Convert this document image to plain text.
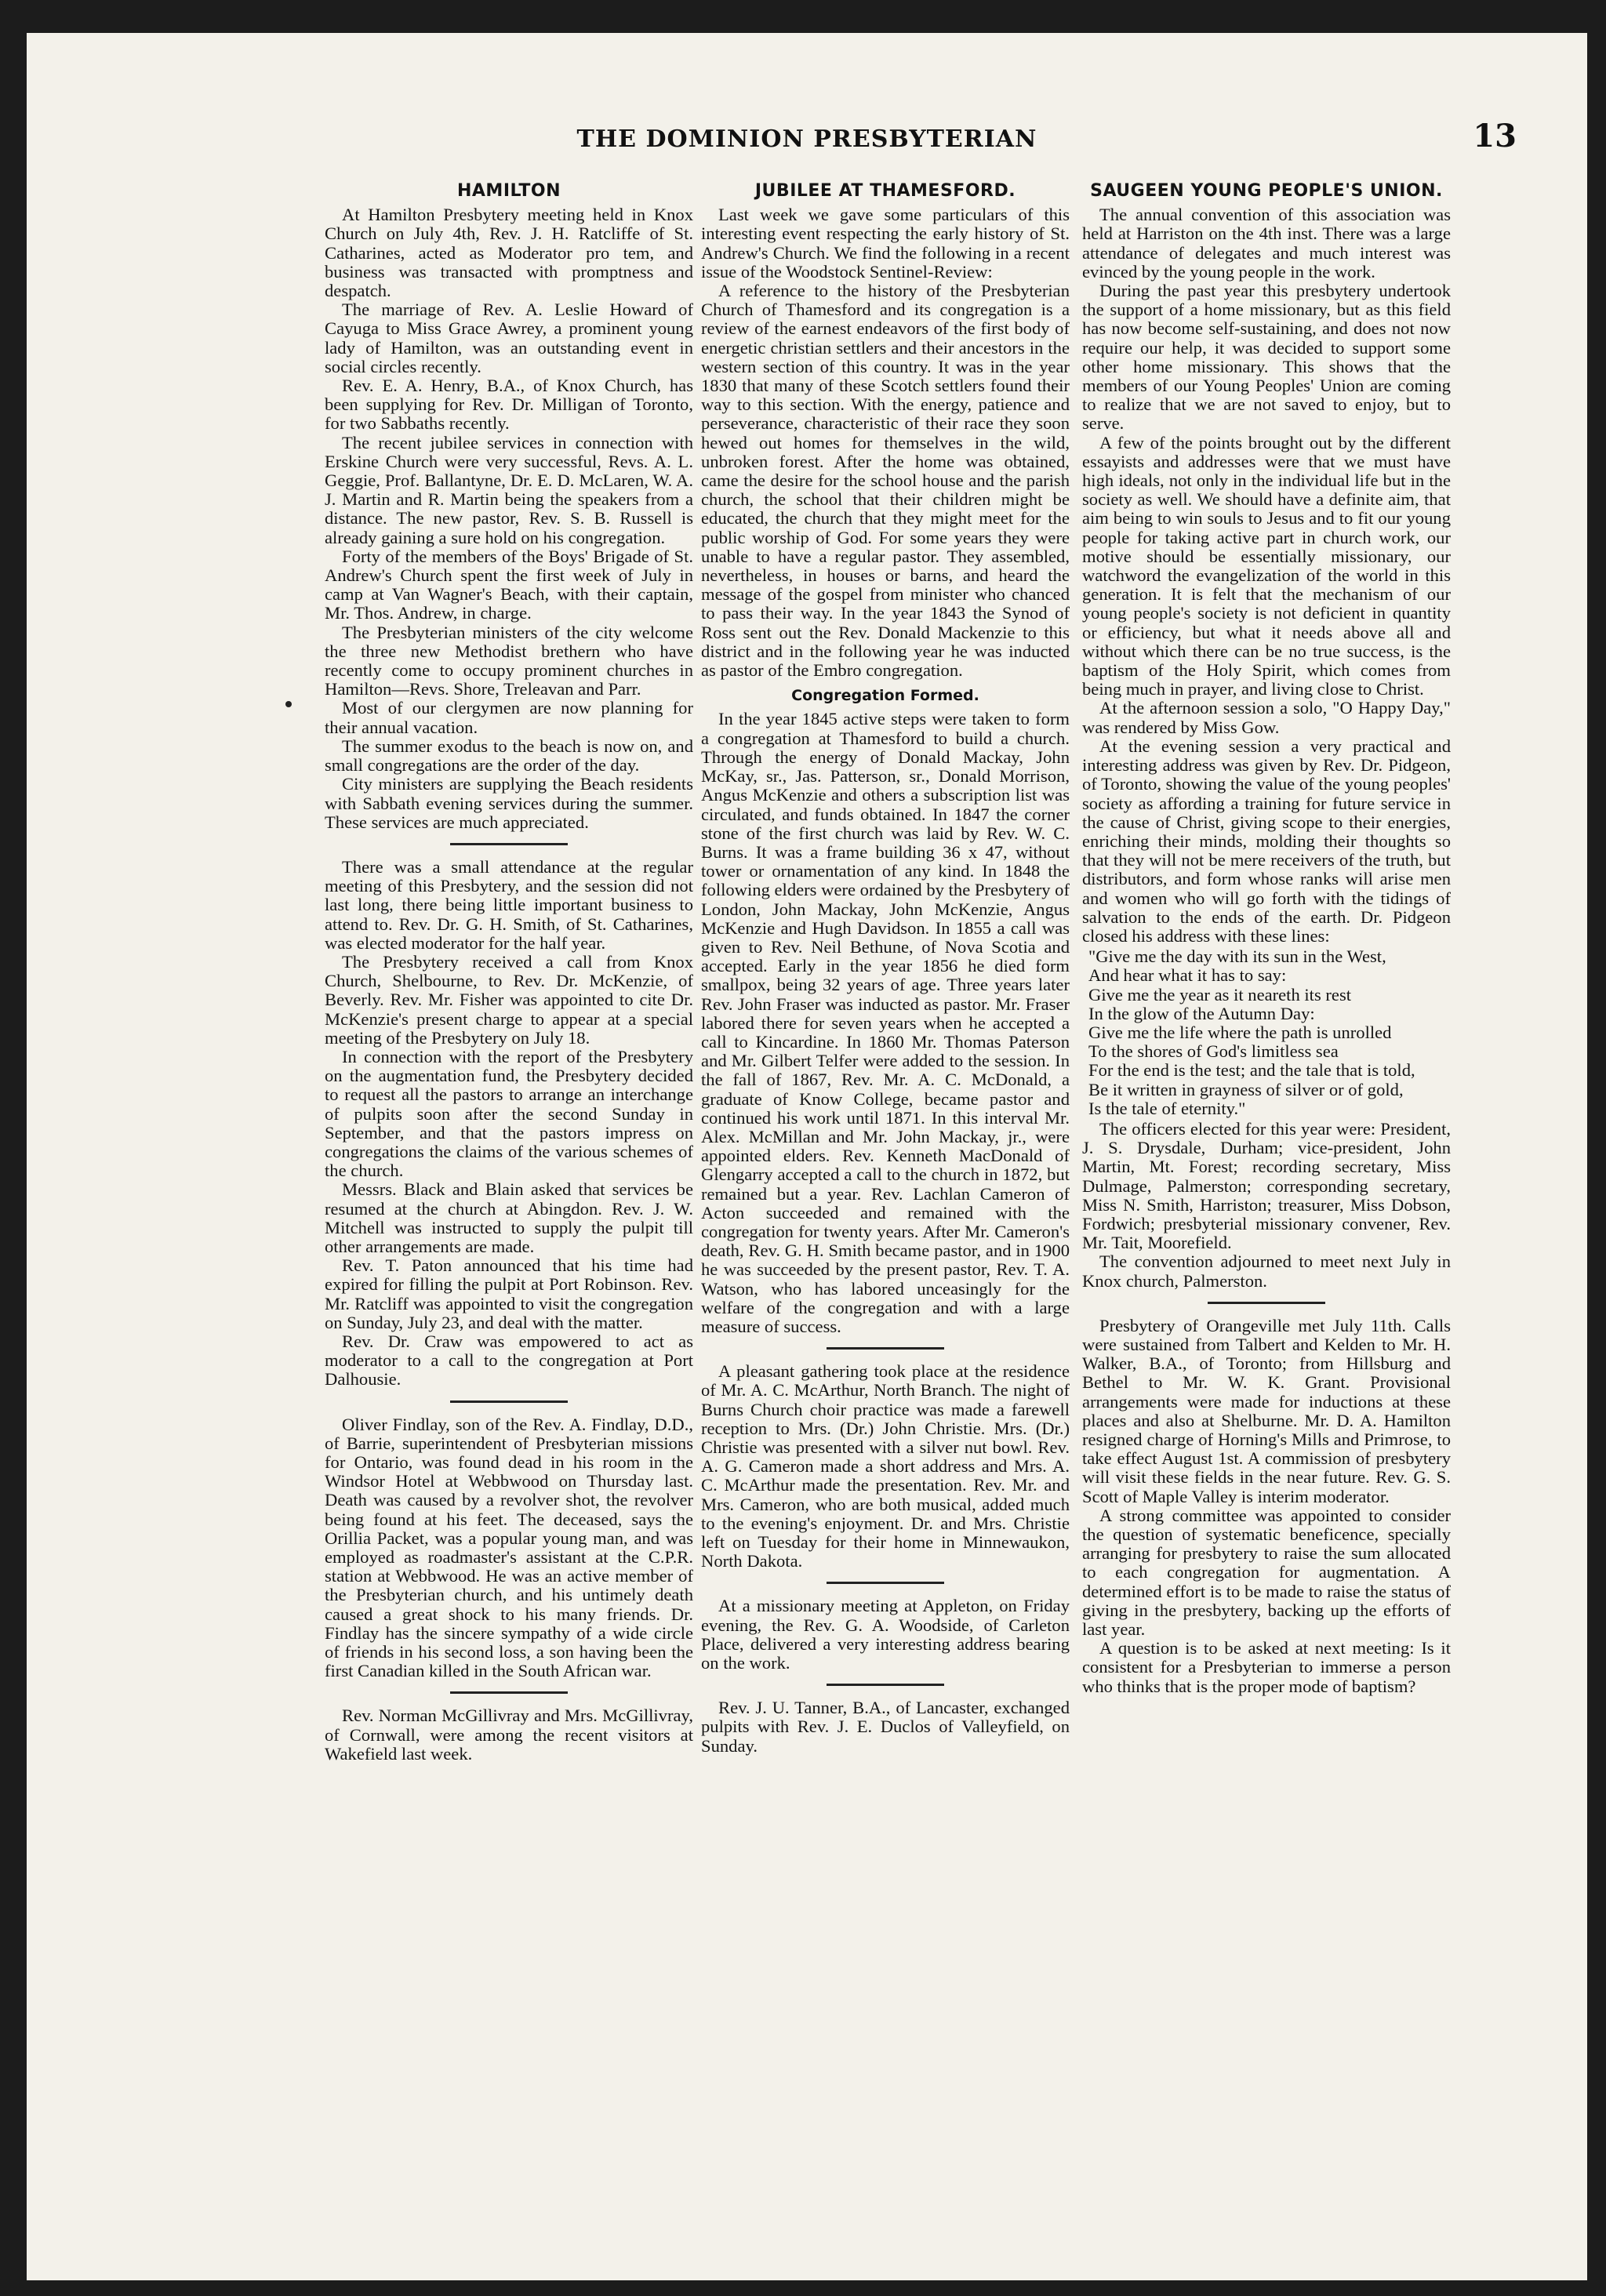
THE DOMINION PRESBYTERIAN	13
HAMILTON

At Hamilton Presbytery meeting held in Knox Church on July 4th, Rev. J. H. Ratcliffe of St. Catharines, acted as Moderator pro tem, and business was transacted with promptness and despatch.

The marriage of Rev. A. Leslie Howard of Cayuga to Miss Grace Awrey, a prominent young lady of Hamilton, was an outstanding event in social circles recently.

Rev. E. A. Henry, B.A., of Knox Church, has been supplying for Rev. Dr. Milligan of Toronto, for two Sabbaths recently.

The recent jubilee services in connection with Erskine Church were very successful, Revs. A. L. Geggie, Prof. Ballantyne, Dr. E. D. McLaren, W. A. J. Martin and R. Martin being the speakers from a distance. The new pastor, Rev. S. B. Russell is already gaining a sure hold on his congregation.

Forty of the members of the Boys' Brigade of St. Andrew's Church spent the first week of July in camp at Van Wagner's Beach, with their captain, Mr. Thos. Andrew, in charge.

The Presbyterian ministers of the city welcome the three new Methodist brethern who have recently come to occupy prominent churches in Hamilton—Revs. Shore, Treleavan and Parr.

Most of our clergymen are now planning for their annual vacation.

The summer exodus to the beach is now on, and small congregations are the order of the day.

City ministers are supplying the Beach residents with Sabbath evening services during the summer. These services are much appreciated.

There was a small attendance at the regular meeting of this Presbytery, and the session did not last long, there being little important business to attend to. Rev. Dr. G. H. Smith, of St. Catharines, was elected moderator for the half year.

The Presbytery received a call from Knox Church, Shelbourne, to Rev. Dr. McKenzie, of Beverly. Rev. Mr. Fisher was appointed to cite Dr. McKenzie's present charge to appear at a special meeting of the Presbytery on July 18.

In connection with the report of the Presbytery on the augmentation fund, the Presbytery decided to request all the pastors to arrange an interchange of pulpits soon after the second Sunday in September, and that the pastors impress on congregations the claims of the various schemes of the church.

Messrs. Black and Blain asked that services be resumed at the church at Abingdon. Rev. J. W. Mitchell was instructed to supply the pulpit till other arrangements are made.

Rev. T. Paton announced that his time had expired for filling the pulpit at Port Robinson. Rev. Mr. Ratcliff was appointed to visit the congregation on Sunday, July 23, and deal with the matter.

Rev. Dr. Craw was empowered to act as moderator to a call to the congregation at Port Dalhousie.

Oliver Findlay, son of the Rev. A. Findlay, D.D., of Barrie, superintendent of Presbyterian missions for Ontario, was found dead in his room in the Windsor Hotel at Webbwood on Thursday last. Death was caused by a revolver shot, the revolver being found at his feet. The deceased, says the Orillia Packet, was a popular young man, and was employed as roadmaster's assistant at the C.P.R. station at Webbwood. He was an active member of the Presbyterian church, and his untimely death caused a great shock to his many friends. Dr. Findlay has the sincere sympathy of a wide circle of friends in his second loss, a son having been the first Canadian killed in the South African war.

Rev. Norman McGillivray and Mrs. McGillivray, of Cornwall, were among the recent visitors at Wakefield last week.

JUBILEE AT THAMESFORD.

Last week we gave some particulars of this interesting event respecting the early history of St. Andrew's Church. We find the following in a recent issue of the Woodstock Sentinel-Review:

A reference to the history of the Presbyterian Church of Thamesford and its congregation is a review of the earnest endeavors of the first body of energetic christian settlers and their ancestors in the western section of this country. It was in the year 1830 that many of these Scotch settlers found their way to this section. With the energy, patience and perseverance, characteristic of their race they soon hewed out homes for themselves in the wild, unbroken forest. After the home was obtained, came the desire for the school house and the parish church, the school that their children might be educated, the church that they might meet for the public worship of God. For some years they were unable to have a regular pastor. They assembled, nevertheless, in houses or barns, and heard the message of the gospel from minister who chanced to pass their way. In the year 1843 the Synod of Ross sent out the Rev. Donald Mackenzie to this district and in the following year he was inducted as pastor of the Embro congregation.

Congregation Formed.

In the year 1845 active steps were taken to form a congregation at Thamesford to build a church. Through the energy of Donald Mackay, John McKay, sr., Jas. Patterson, sr., Donald Morrison, Angus McKenzie and others a subscription list was circulated, and funds obtained. In 1847 the corner stone of the first church was laid by Rev. W. C. Burns. It was a frame building 36 x 47, without tower or ornamentation of any kind. In 1848 the following elders were ordained by the Presbytery of London, John Mackay, John McKenzie, Angus McKenzie and Hugh Davidson. In 1855 a call was given to Rev. Neil Bethune, of Nova Scotia and accepted. Early in the year 1856 he died form smallpox, being 32 years of age. Three years later Rev. John Fraser was inducted as pastor. Mr. Fraser labored there for seven years when he accepted a call to Kincardine. In 1860 Mr. Thomas Paterson and Mr. Gilbert Telfer were added to the session. In the fall of 1867, Rev. Mr. A. C. McDonald, a graduate of Know College, became pastor and continued his work until 1871. In this interval Mr. Alex. McMillan and Mr. John Mackay, jr., were appointed elders. Rev. Kenneth MacDonald of Glengarry accepted a call to the church in 1872, but remained but a year. Rev. Lachlan Cameron of Acton succeeded and remained with the congregation for twenty years. After Mr. Cameron's death, Rev. G. H. Smith became pastor, and in 1900 he was succeeded by the present pastor, Rev. T. A. Watson, who has labored unceasingly for the welfare of the congregation and with a large measure of success.

A pleasant gathering took place at the residence of Mr. A. C. McArthur, North Branch. The night of Burns Church choir practice was made a farewell reception to Mrs. (Dr.) John Christie. Mrs. (Dr.) Christie was presented with a silver nut bowl. Rev. A. G. Cameron made a short address and Mrs. A. C. McArthur made the presentation. Rev. Mr. and Mrs. Cameron, who are both musical, added much to the evening's enjoyment. Dr. and Mrs. Christie left on Tuesday for their home in Minnewaukon, North Dakota.

At a missionary meeting at Appleton, on Friday evening, the Rev. G. A. Woodside, of Carleton Place, delivered a very interesting address bearing on the work.

Rev. J. U. Tanner, B.A., of Lancaster, exchanged pulpits with Rev. J. E. Duclos of Valleyfield, on Sunday.

SAUGEEN YOUNG PEOPLE'S UNION.

The annual convention of this association was held at Harriston on the 4th inst. There was a large attendance of delegates and much interest was evinced by the young people in the work.

During the past year this presbytery undertook the support of a home missionary, but as this field has now become self-sustaining, and does not now require our help, it was decided to support some other home missionary. This shows that the members of our Young Peoples' Union are coming to realize that we are not saved to enjoy, but to serve.

A few of the points brought out by the different essayists and addresses were that we must have high ideals, not only in the individual life but in the society as well. We should have a definite aim, that aim being to win souls to Jesus and to fit our young people for taking active part in church work, our motive should be essentially missionary, our watchword the evangelization of the world in this generation. It is felt that the mechanism of our young people's society is not deficient in quantity or efficiency, but what it needs above all and without which there can be no true success, is the baptism of the Holy Spirit, which comes from being much in prayer, and living close to Christ.

At the afternoon session a solo, "O Happy Day," was rendered by Miss Gow.

At the evening session a very practical and interesting address was given by Rev. Dr. Pidgeon, of Toronto, showing the value of the young peoples' society as affording a training for future service in the cause of Christ, giving scope to their energies, enriching their minds, molding their thoughts so that they will not be mere receivers of the truth, but distributors, and form whose ranks will arise men and women who will go forth with the tidings of salvation to the ends of the earth. Dr. Pidgeon closed his address with these lines:

"Give me the day with its sun in the West,

And hear what it has to say:

Give me the year as it neareth its rest

In the glow of the Autumn Day:

Give me the life where the path is unrolled

To the shores of God's limitless sea

For the end is the test; and the tale that is told,

Be it written in grayness of silver or of gold,

Is the tale of eternity."

The officers elected for this year were: President, J. S. Drysdale, Durham; vice-president, John Martin, Mt. Forest; recording secretary, Miss Dulmage, Palmerston; corresponding secretary, Miss N. Smith, Harriston; treasurer, Miss Dobson, Fordwich; presbyterial missionary convener, Rev. Mr. Tait, Moorefield.

The convention adjourned to meet next July in Knox church, Palmerston.

Presbytery of Orangeville met July 11th. Calls were sustained from Talbert and Kelden to Mr. H. Walker, B.A., of Toronto; from Hillsburg and Bethel to Mr. W. K. Grant. Provisional arrangements were made for inductions at these places and also at Shelburne. Mr. D. A. Hamilton resigned charge of Horning's Mills and Primrose, to take effect August 1st. A commission of presbytery will visit these fields in the near future. Rev. G. S. Scott of Maple Valley is interim moderator.

A strong committee was appointed to consider the question of systematic beneficence, specially arranging for presbytery to raise the sum allocated to each congregation for augmentation. A determined effort is to be made to raise the status of giving in the presbytery, backing up the efforts of last year.

A question is to be asked at next meeting: Is it consistent for a Presbyterian to immerse a person who thinks that is the proper mode of baptism?
